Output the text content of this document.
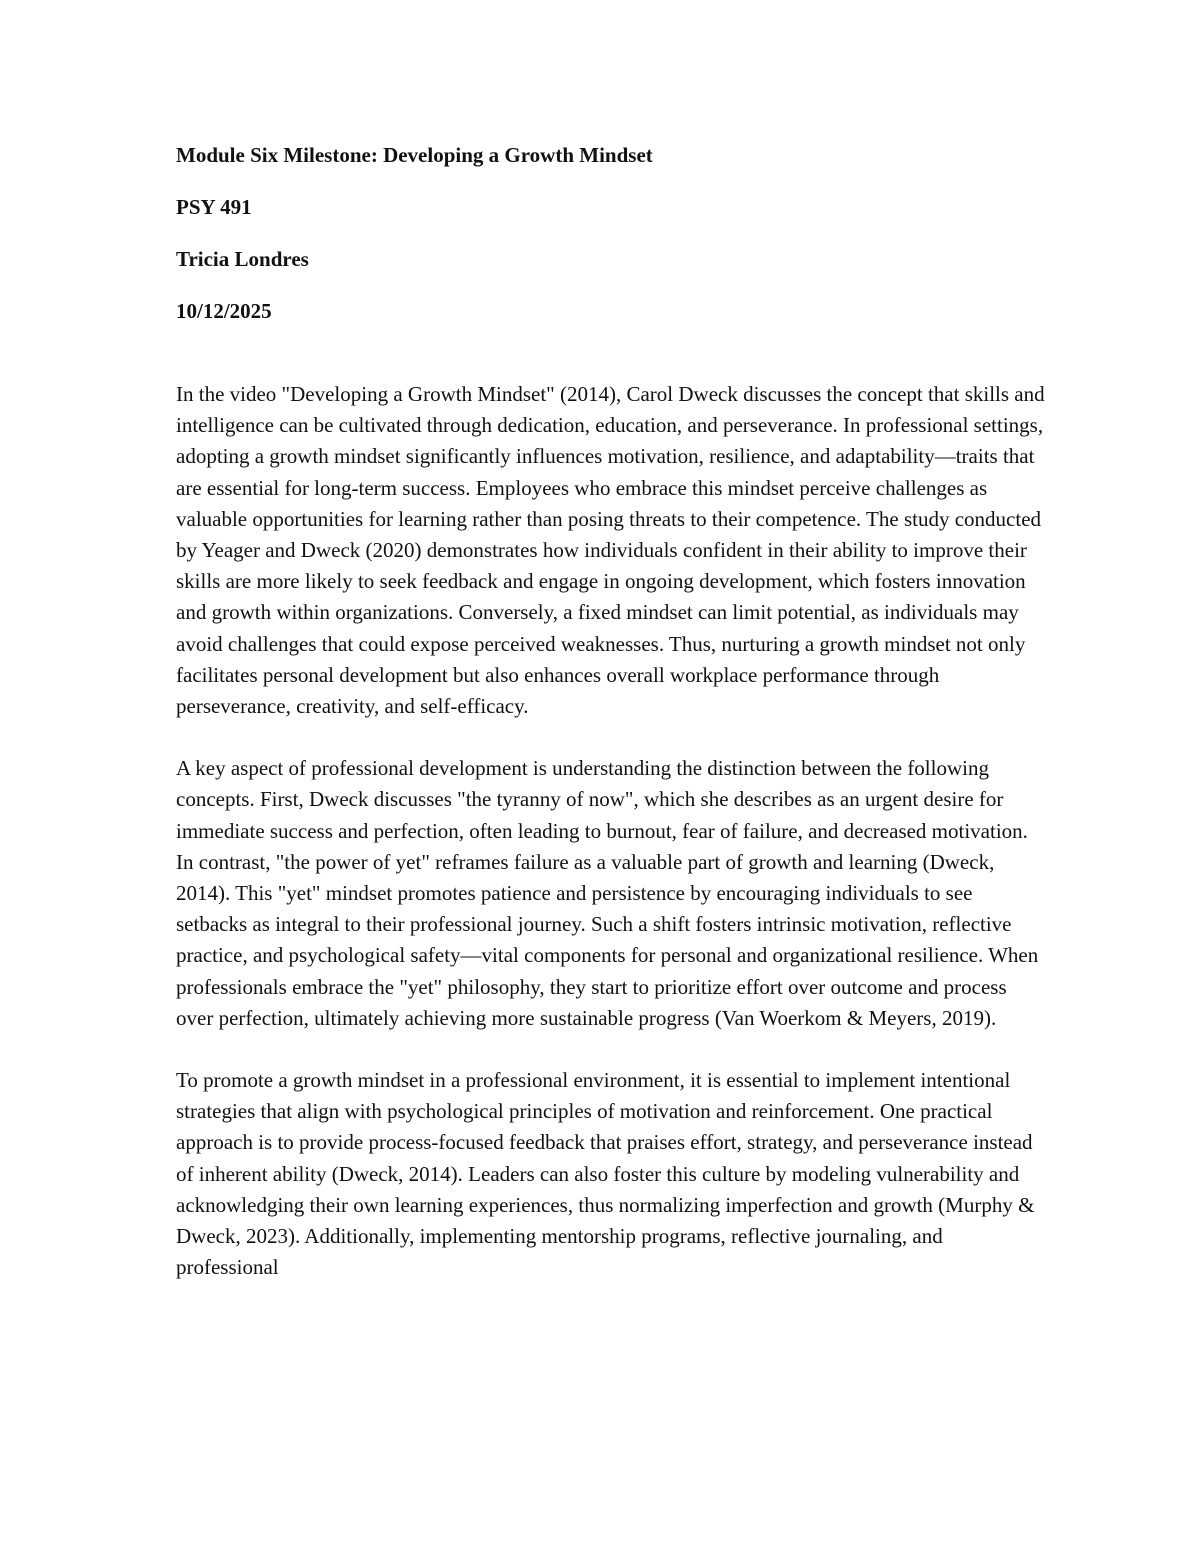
Module Six Milestone: Developing a Growth Mindset
PSY 491
Tricia Londres
10/12/2025

In the video "Developing a Growth Mindset" (2014), Carol Dweck discusses the concept that skills and intelligence can be cultivated through dedication, education, and perseverance. In professional settings, adopting a growth mindset significantly influences motivation, resilience, and adaptability—traits that are essential for long-term success. Employees who embrace this mindset perceive challenges as valuable opportunities for learning rather than posing threats to their competence. The study conducted by Yeager and Dweck (2020) demonstrates how individuals confident in their ability to improve their skills are more likely to seek feedback and engage in ongoing development, which fosters innovation and growth within organizations. Conversely, a fixed mindset can limit potential, as individuals may avoid challenges that could expose perceived weaknesses. Thus, nurturing a growth mindset not only facilitates personal development but also enhances overall workplace performance through perseverance, creativity, and self-efficacy.

A key aspect of professional development is understanding the distinction between the following concepts. First, Dweck discusses "the tyranny of now", which she describes as an urgent desire for immediate success and perfection, often leading to burnout, fear of failure, and decreased motivation. In contrast, "the power of yet" reframes failure as a valuable part of growth and learning (Dweck, 2014). This "yet" mindset promotes patience and persistence by encouraging individuals to see setbacks as integral to their professional journey. Such a shift fosters intrinsic motivation, reflective practice, and psychological safety—vital components for personal and organizational resilience. When professionals embrace the "yet" philosophy, they start to prioritize effort over outcome and process over perfection, ultimately achieving more sustainable progress (Van Woerkom & Meyers, 2019).

To promote a growth mindset in a professional environment, it is essential to implement intentional strategies that align with psychological principles of motivation and reinforcement. One practical approach is to provide process-focused feedback that praises effort, strategy, and perseverance instead of inherent ability (Dweck, 2014). Leaders can also foster this culture by modeling vulnerability and acknowledging their own learning experiences, thus normalizing imperfection and growth (Murphy & Dweck, 2023). Additionally, implementing mentorship programs, reflective journaling, and professional
